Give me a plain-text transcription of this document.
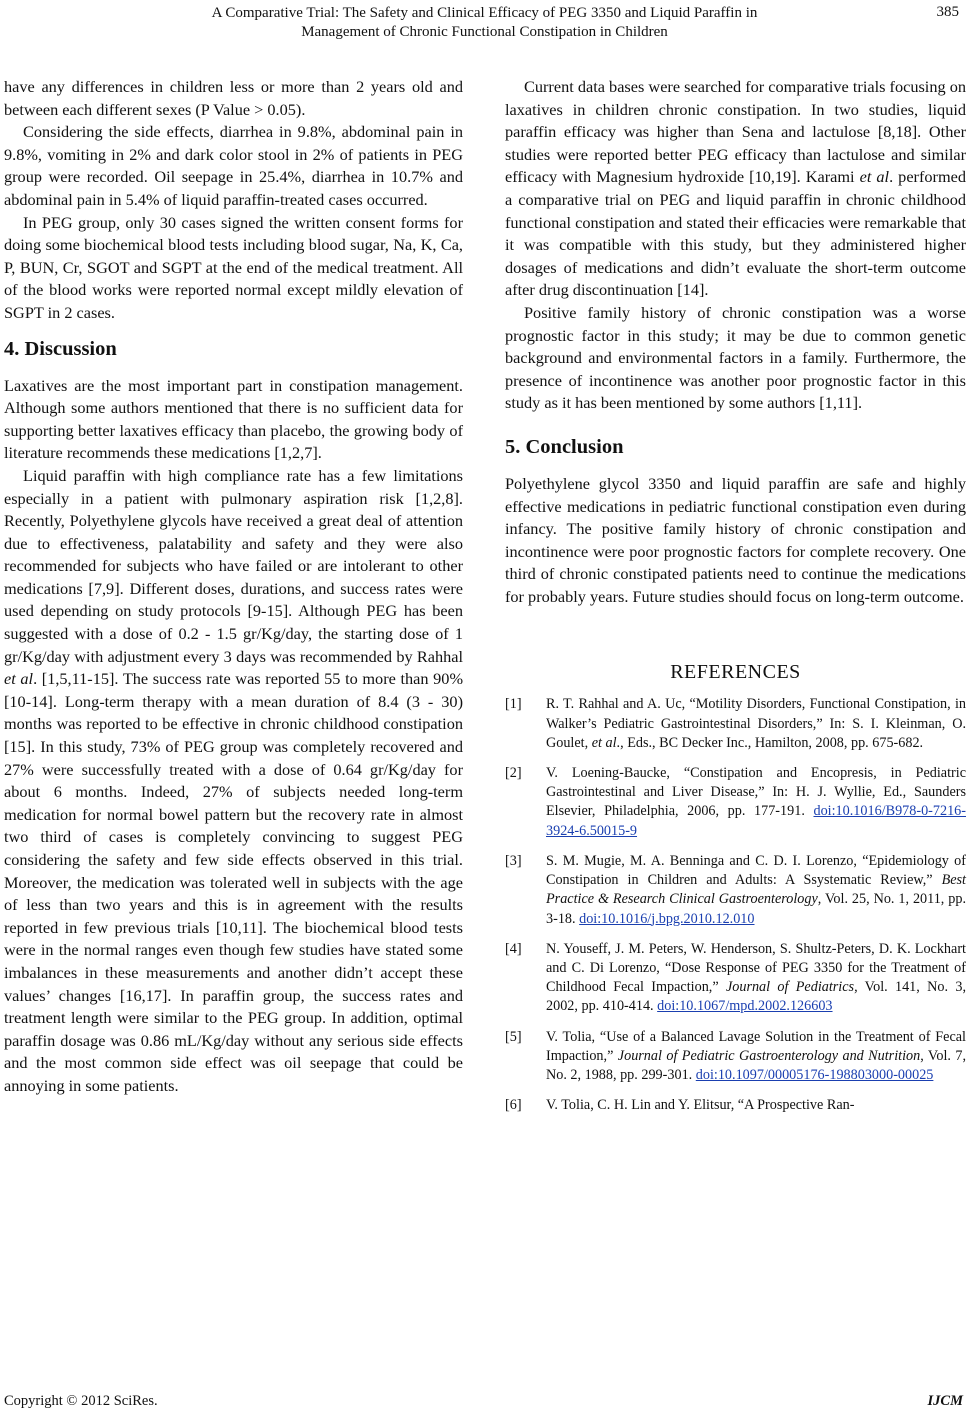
A Comparative Trial: The Safety and Clinical Efficacy of PEG 3350 and Liquid Paraffin in
Management of Chronic Functional Constipation in Children
385

have any differences in children less or more than 2 years old and between each different sexes (P Value > 0.05).

Considering the side effects, diarrhea in 9.8%, abdominal pain in 9.8%, vomiting in 2% and dark color stool in 2% of patients in PEG group were recorded. Oil seepage in 25.4%, diarrhea in 10.7% and abdominal pain in 5.4% of liquid paraffin-treated cases occurred.

In PEG group, only 30 cases signed the written consent forms for doing some biochemical blood tests including blood sugar, Na, K, Ca, P, BUN, Cr, SGOT and SGPT at the end of the medical treatment. All of the blood works were reported normal except mildly elevation of SGPT in 2 cases.

4. Discussion

Laxatives are the most important part in constipation management. Although some authors mentioned that there is no sufficient data for supporting better laxatives efficacy than placebo, the growing body of literature recommends these medications [1,2,7].

Liquid paraffin with high compliance rate has a few limitations especially in a patient with pulmonary aspiration risk [1,2,8]. Recently, Polyethylene glycols have received a great deal of attention due to effectiveness, palatability and safety and they were also recommended for subjects who have failed or are intolerant to other medications [7,9]. Different doses, durations, and success rates were used depending on study protocols [9-15]. Although PEG has been suggested with a dose of 0.2 - 1.5 gr/Kg/day, the starting dose of 1 gr/Kg/day with adjustment every 3 days was recommended by Rahhal et al. [1,5,11-15]. The success rate was reported 55 to more than 90% [10-14]. Long-term therapy with a mean duration of 8.4 (3 - 30) months was reported to be effective in chronic childhood constipation [15]. In this study, 73% of PEG group was completely recovered and 27% were successfully treated with a dose of 0.64 gr/Kg/day for about 6 months. Indeed, 27% of subjects needed long-term medication for normal bowel pattern but the recovery rate in almost two third of cases is completely convincing to suggest PEG considering the safety and few side effects observed in this trial. Moreover, the medication was tolerated well in subjects with the age of less than two years and this is in agreement with the results reported in few previous trials [10,11]. The biochemical blood tests were in the normal ranges even though few studies have stated some imbalances in these measurements and another didn’t accept these values’ changes [16,17]. In paraffin group, the success rates and treatment length were similar to the PEG group. In addition, optimal paraffin dosage was 0.86 mL/Kg/day without any serious side effects and the most common side effect was oil seepage that could be annoying in some patients.

Current data bases were searched for comparative trials focusing on laxatives in children chronic constipation. In two studies, liquid paraffin efficacy was higher than Sena and lactulose [8,18]. Other studies were reported better PEG efficacy than lactulose and similar efficacy with Magnesium hydroxide [10,19]. Karami et al. performed a comparative trial on PEG and liquid paraffin in chronic childhood functional constipation and stated their efficacies were remarkable that it was compatible with this study, but they administered higher dosages of medications and didn’t evaluate the short-term outcome after drug discontinuation [14].

Positive family history of chronic constipation was a worse prognostic factor in this study; it may be due to common genetic background and environmental factors in a family. Furthermore, the presence of incontinence was another poor prognostic factor in this study as it has been mentioned by some authors [1,11].

5. Conclusion

Polyethylene glycol 3350 and liquid paraffin are safe and highly effective medications in pediatric functional constipation even during infancy. The positive family history of chronic constipation and incontinence were poor prognostic factors for complete recovery. One third of chronic constipated patients need to continue the medications for probably years. Future studies should focus on long-term outcome.

REFERENCES
[1] R. T. Rahhal and A. Uc, “Motility Disorders, Functional Constipation, in Walker’s Pediatric Gastrointestinal Disorders,” In: S. I. Kleinman, O. Goulet, et al., Eds., BC Decker Inc., Hamilton, 2008, pp. 675-682.
[2] V. Loening-Baucke, “Constipation and Encopresis, in Pediatric Gastrointestinal and Liver Disease,” In: H. J. Wyllie, Ed., Saunders Elsevier, Philadelphia, 2006, pp. 177-191. doi:10.1016/B978-0-7216-3924-6.50015-9
[3] S. M. Mugie, M. A. Benninga and C. D. I. Lorenzo, “Epidemiology of Constipation in Children and Adults: A Ssystematic Review,” Best Practice & Research Clinical Gastroenterology, Vol. 25, No. 1, 2011, pp. 3-18. doi:10.1016/j.bpg.2010.12.010
[4] N. Youseff, J. M. Peters, W. Henderson, S. Shultz-Peters, D. K. Lockhart and C. Di Lorenzo, “Dose Response of PEG 3350 for the Treatment of Childhood Fecal Impaction,” Journal of Pediatrics, Vol. 141, No. 3, 2002, pp. 410-414. doi:10.1067/mpd.2002.126603
[5] V. Tolia, “Use of a Balanced Lavage Solution in the Treatment of Fecal Impaction,” Journal of Pediatric Gastroenterology and Nutrition, Vol. 7, No. 2, 1988, pp. 299-301. doi:10.1097/00005176-198803000-00025
[6] V. Tolia, C. H. Lin and Y. Elitsur, “A Prospective Ran-
Copyright © 2012 SciRes.	IJCM
